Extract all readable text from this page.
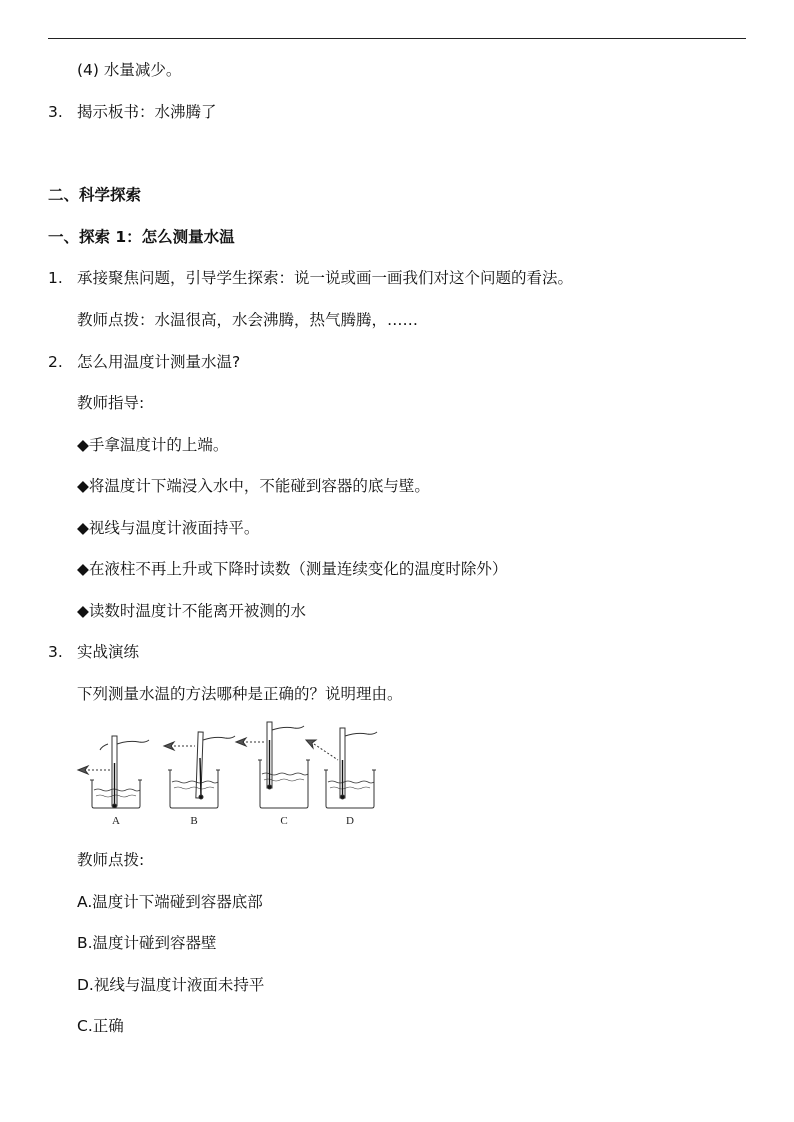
(4) 水量减少。
3. 揭示板书：水沸腾了
二、科学探索
一、探索 1：怎么测量水温
1. 承接聚焦问题，引导学生探索：说一说或画一画我们对这个问题的看法。
教师点拨：水温很高，水会沸腾，热气腾腾，……
2. 怎么用温度计测量水温?
教师指导:
◆手拿温度计的上端。
◆将温度计下端浸入水中，不能碰到容器的底与壁。
◆视线与温度计液面持平。
◆在液柱不再上升或下降时读数（测量连续变化的温度时除外）
◆读数时温度计不能离开被测的水
3. 实战演练
下列测量水温的方法哪种是正确的？说明理由。
A	B	C	D
教师点拨:
A.温度计下端碰到容器底部
B.温度计碰到容器壁
D.视线与温度计液面未持平
C.正确
